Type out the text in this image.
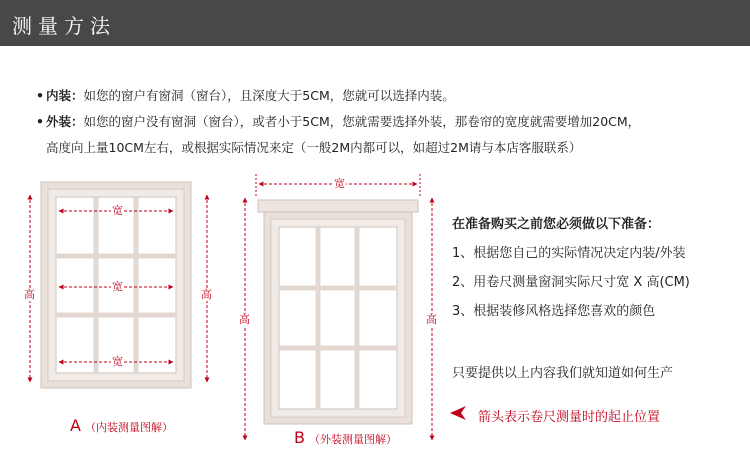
测量方法
• 内装：如您的窗户有窗洞（窗台），且深度大于5CM，您就可以选择内装。
• 外装：如您的窗户没有窗洞（窗台），或者小于5CM，您就需要选择外装，那卷帘的宽度就需要增加20CM，
高度向上量10CM左右，或根据实际情况来定（一般2M内都可以，如超过2M请与本店客服联系）
宽
宽
宽
高	高
宽
高	高
A （内装测量图解）
B （外装测量图解）
在准备购买之前您必须做以下准备：
1、根据您自己的实际情况决定内装/外装
2、用卷尺测量窗洞实际尺寸宽 X 高(CM)
3、根据装修风格选择您喜欢的颜色
只要提供以上内容我们就知道如何生产
箭头表示卷尺测量时的起止位置
